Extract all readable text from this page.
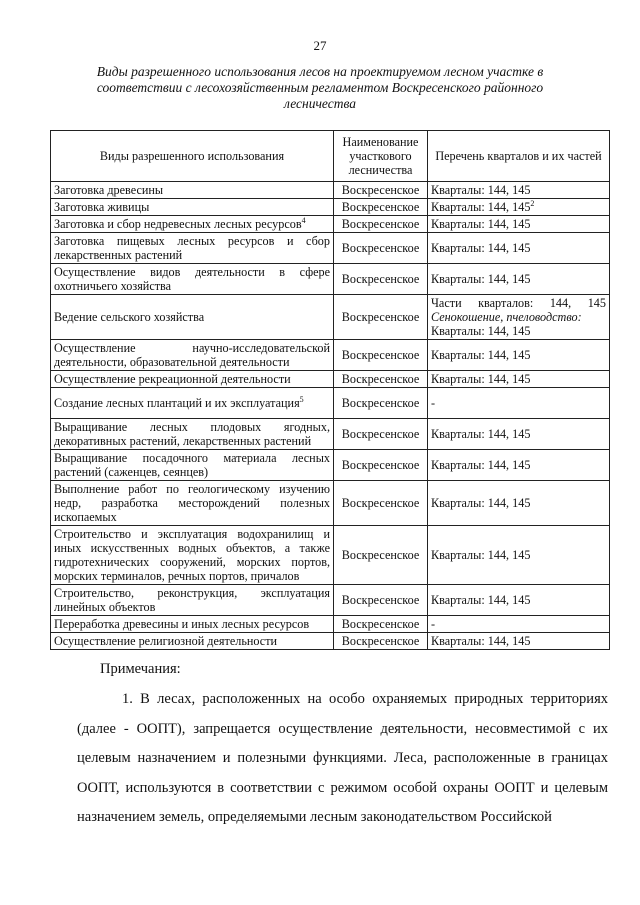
27
Виды разрешенного использования лесов на проектируемом лесном участке в соответствии с лесохозяйственным регламентом Воскресенского районного лесничества
Виды разрешенного использования	Наименование участкового лесничества	Перечень кварталов и их частей
Заготовка древесины	Воскресенское	Кварталы: 144, 145
Заготовка живицы	Воскресенское	Кварталы: 144, $145^2$
Заготовка и сбор недревесных лесных ресурсов$^4$	Воскресенское	Кварталы: 144, 145
Заготовка пищевых лесных ресурсов и сбор лекарственных растений	Воскресенское	Кварталы: 144, 145
Осуществление видов деятельности в сфере охотничьего хозяйства	Воскресенское	Кварталы: 144, 145
Ведение сельского хозяйства	Воскресенское	Части кварталов: 144, 145
Сенокошение, пчеловодство:
Кварталы: 144, 145

Осуществление научно-исследовательской деятельности, образовательной деятельности	Воскресенское	Кварталы: 144, 145
Осуществление рекреационной деятельности	Воскресенское	Кварталы: 144, 145
Создание лесных плантаций и их эксплуатация$^5$	Воскресенское	-
Выращивание лесных плодовых ягодных, декоративных растений, лекарственных растений	Воскресенское	Кварталы: 144, 145
Выращивание посадочного материала лесных растений (саженцев, сеянцев)	Воскресенское	Кварталы: 144, 145
Выполнение работ по геологическому изучению недр, разработка месторождений полезных ископаемых	Воскресенское	Кварталы: 144, 145
Строительство и эксплуатация водохранилищ и иных искусственных водных объектов, а также гидротехнических сооружений, морских портов, морских терминалов, речных портов, причалов	Воскресенское	Кварталы: 144, 145
Строительство, реконструкция, эксплуатация линейных объектов	Воскресенское	Кварталы: 144, 145
Переработка древесины и иных лесных ресурсов	Воскресенское	-
Осуществление религиозной деятельности	Воскресенское	Кварталы: 144, 145
Примечания:
1. В лесах, расположенных на особо охраняемых природных территориях (далее - ООПТ), запрещается осуществление деятельности, несовместимой с их целевым назначением и полезными функциями. Леса, расположенные в границах ООПТ, используются в соответствии с режимом особой охраны ООПТ и целевым назначением земель, определяемыми лесным законодательством Российской
